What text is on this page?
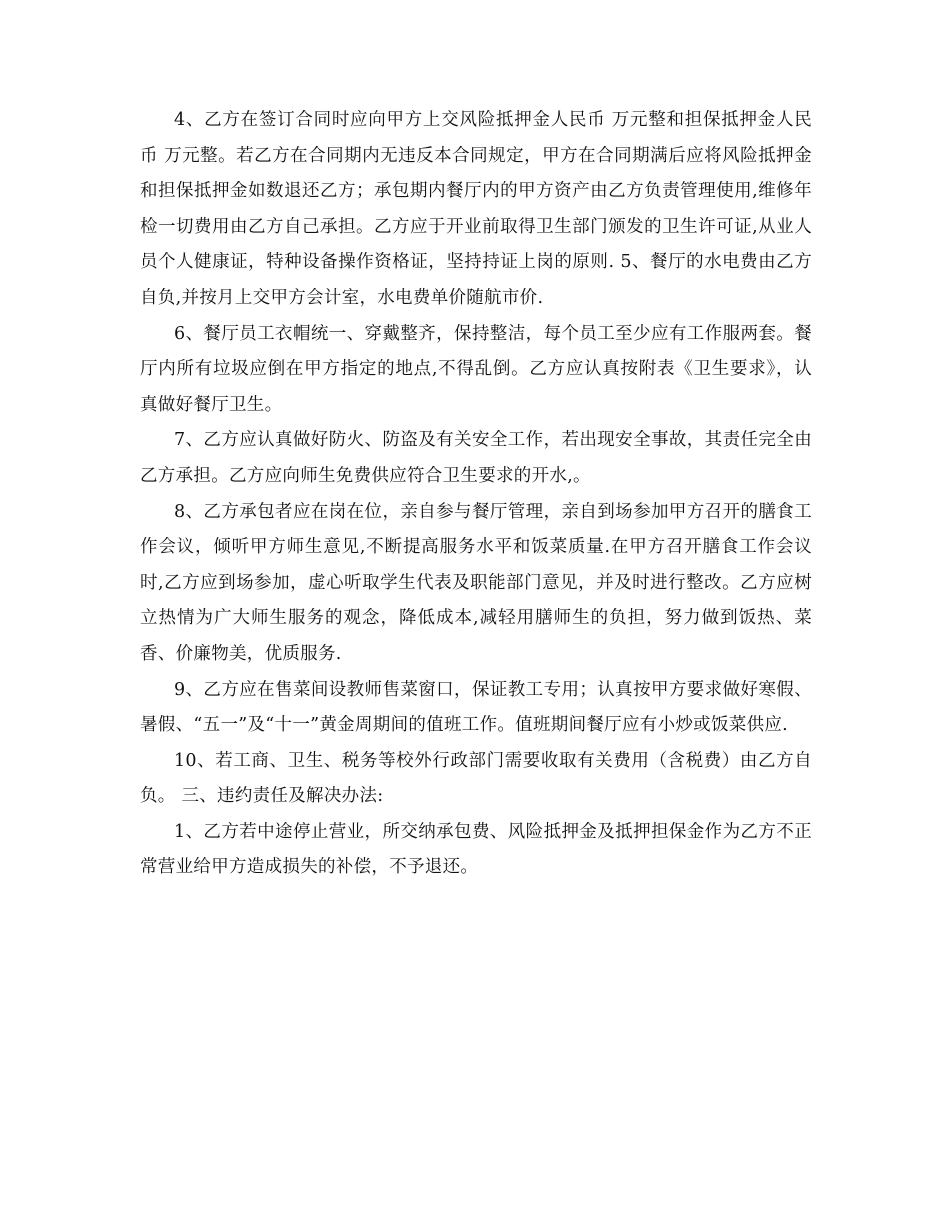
4、乙方在签订合同时应向甲方上交风险抵押金人民币 万元整和担保抵押金人民币 万元整。若乙方在合同期内无违反本合同规定，甲方在合同期满后应将风险抵押金和担保抵押金如数退还乙方；承包期内餐厅内的甲方资产由乙方负责管理使用,维修年检一切费用由乙方自己承担。乙方应于开业前取得卫生部门颁发的卫生许可证,从业人员个人健康证，特种设备操作资格证，坚持持证上岗的原则. 5、餐厅的水电费由乙方自负,并按月上交甲方会计室，水电费单价随航市价.

6、餐厅员工衣帽统一、穿戴整齐，保持整洁，每个员工至少应有工作服两套。餐厅内所有垃圾应倒在甲方指定的地点,不得乱倒。乙方应认真按附表《卫生要求》，认真做好餐厅卫生。

7、乙方应认真做好防火、防盗及有关安全工作，若出现安全事故，其责任完全由乙方承担。乙方应向师生免费供应符合卫生要求的开水,。

8、乙方承包者应在岗在位，亲自参与餐厅管理，亲自到场参加甲方召开的膳食工作会议，倾听甲方师生意见,不断提高服务水平和饭菜质量.在甲方召开膳食工作会议时,乙方应到场参加，虚心听取学生代表及职能部门意见，并及时进行整改。乙方应树立热情为广大师生服务的观念，降低成本,减轻用膳师生的负担，努力做到饭热、菜香、价廉物美，优质服务.

9、乙方应在售菜间设教师售菜窗口，保证教工专用；认真按甲方要求做好寒假、暑假、“五一”及“十一”黄金周期间的值班工作。值班期间餐厅应有小炒或饭菜供应.

10、若工商、卫生、税务等校外行政部门需要收取有关费用（含税费）由乙方自负。 三、违约责任及解决办法:

1、乙方若中途停止营业，所交纳承包费、风险抵押金及抵押担保金作为乙方不正常营业给甲方造成损失的补偿，不予退还。
